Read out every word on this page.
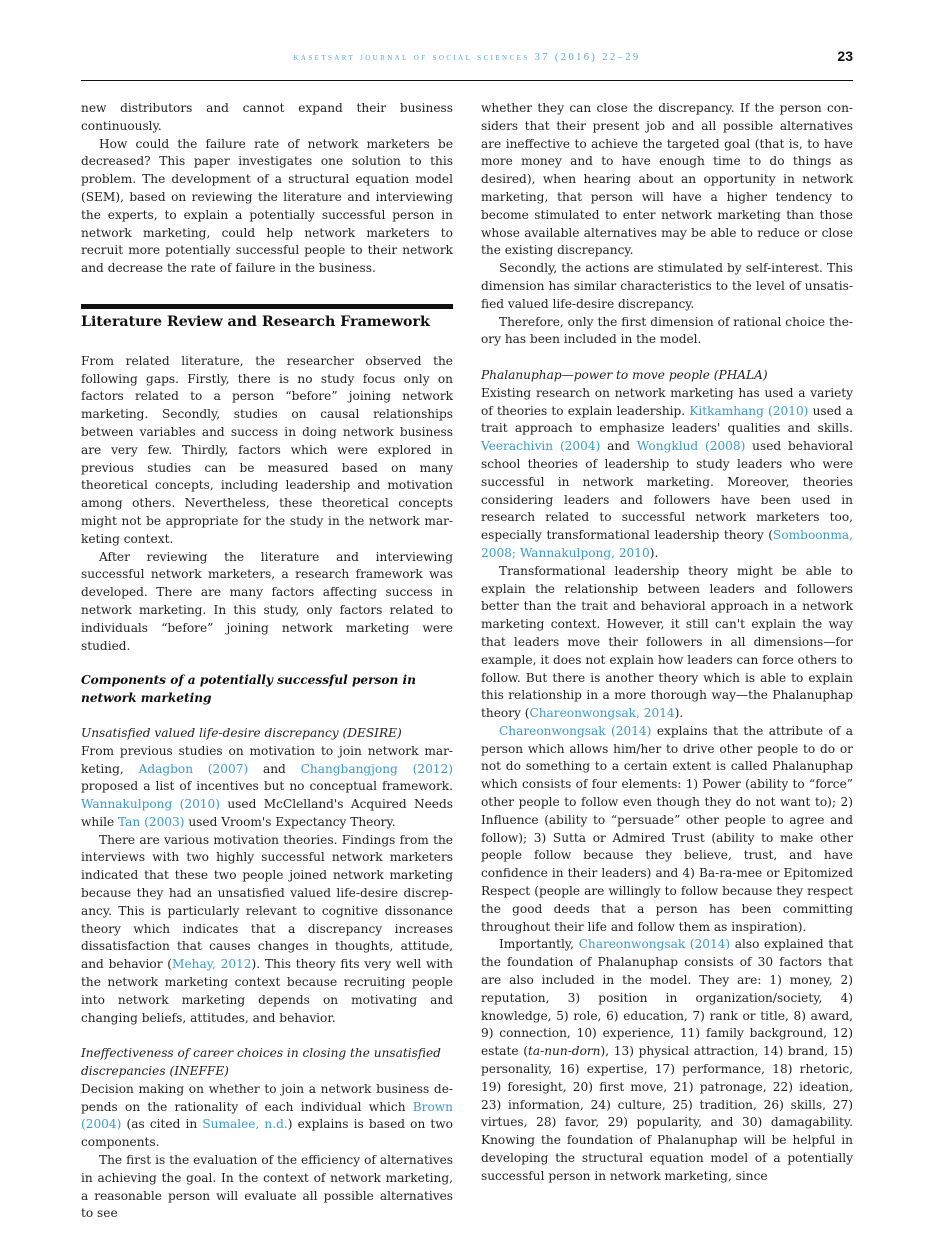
kasetsart journal of social sciences 37 (2016) 22–29	23

new distributors and cannot expand their business continuously.

How could the failure rate of network marketers be decreased? This paper investigates one solution to this problem. The development of a structural equation model (SEM), based on reviewing the literature and interviewing the experts, to explain a potentially successful person in network marketing, could help network marketers to recruit more potentially successful people to their network and decrease the rate of failure in the business.

Literature Review and Research Framework

From related literature, the researcher observed the following gaps. Firstly, there is no study focus only on factors related to a person “before” joining network marketing. Secondly, studies on causal relationships between variables and success in doing network business are very few. Thirdly, factors which were explored in previous studies can be measured based on many theoretical concepts, including leadership and motivation among others. Nevertheless, these theoretical concepts might not be appropriate for the study in the network marketing context.

After reviewing the literature and interviewing successful network marketers, a research framework was developed. There are many factors affecting success in network marketing. In this study, only factors related to individuals “before” joining network marketing were studied.

Components of a potentially successful person in network marketing
Unsatisfied valued life-desire discrepancy (DESIRE)

From previous studies on motivation to join network marketing, Adagbon (2007) and Changbangjong (2012) proposed a list of incentives but no conceptual framework. Wannakulpong (2010) used McClelland's Acquired Needs while Tan (2003) used Vroom's Expectancy Theory.

There are various motivation theories. Findings from the interviews with two highly successful network marketers indicated that these two people joined network marketing because they had an unsatisfied valued life-desire discrepancy. This is particularly relevant to cognitive dissonance theory which indicates that a discrepancy increases dissatisfaction that causes changes in thoughts, attitude, and behavior (Mehay, 2012). This theory fits very well with the network marketing context because recruiting people into network marketing depends on motivating and changing beliefs, attitudes, and behavior.

Ineffectiveness of career choices in closing the unsatisfied discrepancies (INEFFE)

Decision making on whether to join a network business depends on the rationality of each individual which Brown (2004) (as cited in Sumalee, n.d.) explains is based on two components.

The first is the evaluation of the efficiency of alternatives in achieving the goal. In the context of network marketing, a reasonable person will evaluate all possible alternatives to see

whether they can close the discrepancy. If the person considers that their present job and all possible alternatives are ineffective to achieve the targeted goal (that is, to have more money and to have enough time to do things as desired), when hearing about an opportunity in network marketing, that person will have a higher tendency to become stimulated to enter network marketing than those whose available alternatives may be able to reduce or close the existing discrepancy.

Secondly, the actions are stimulated by self-interest. This dimension has similar characteristics to the level of unsatisfied valued life-desire discrepancy.

Therefore, only the first dimension of rational choice theory has been included in the model.

Phalanuphap—power to move people (PHALA)

Existing research on network marketing has used a variety of theories to explain leadership. Kitkamhang (2010) used a trait approach to emphasize leaders' qualities and skills. Veerachivin (2004) and Wongklud (2008) used behavioral school theories of leadership to study leaders who were successful in network marketing. Moreover, theories considering leaders and followers have been used in research related to successful network marketers too, especially transformational leadership theory (Somboonma, 2008; Wannakulpong, 2010).

Transformational leadership theory might be able to explain the relationship between leaders and followers better than the trait and behavioral approach in a network marketing context. However, it still can't explain the way that leaders move their followers in all dimensions—for example, it does not explain how leaders can force others to follow. But there is another theory which is able to explain this relationship in a more thorough way—the Phalanuphap theory (Chareonwongsak, 2014).

Chareonwongsak (2014) explains that the attribute of a person which allows him/her to drive other people to do or not do something to a certain extent is called Phalanuphap which consists of four elements: 1) Power (ability to “force” other people to follow even though they do not want to); 2) Influence (ability to “persuade” other people to agree and follow); 3) Sutta or Admired Trust (ability to make other people follow because they believe, trust, and have confidence in their leaders) and 4) Ba-ra-mee or Epitomized Respect (people are willingly to follow because they respect the good deeds that a person has been committing throughout their life and follow them as inspiration).

Importantly, Chareonwongsak (2014) also explained that the foundation of Phalanuphap consists of 30 factors that are also included in the model. They are: 1) money, 2) reputation, 3) position in organization/society, 4) knowledge, 5) role, 6) education, 7) rank or title, 8) award, 9) connection, 10) experience, 11) family background, 12) estate (ta-nun-dorn), 13) physical attraction, 14) brand, 15) personality, 16) expertise, 17) performance, 18) rhetoric, 19) foresight, 20) first move, 21) patronage, 22) ideation, 23) information, 24) culture, 25) tradition, 26) skills, 27) virtues, 28) favor, 29) popularity, and 30) damagability. Knowing the foundation of Phalanuphap will be helpful in developing the structural equation model of a potentially successful person in network marketing, since
